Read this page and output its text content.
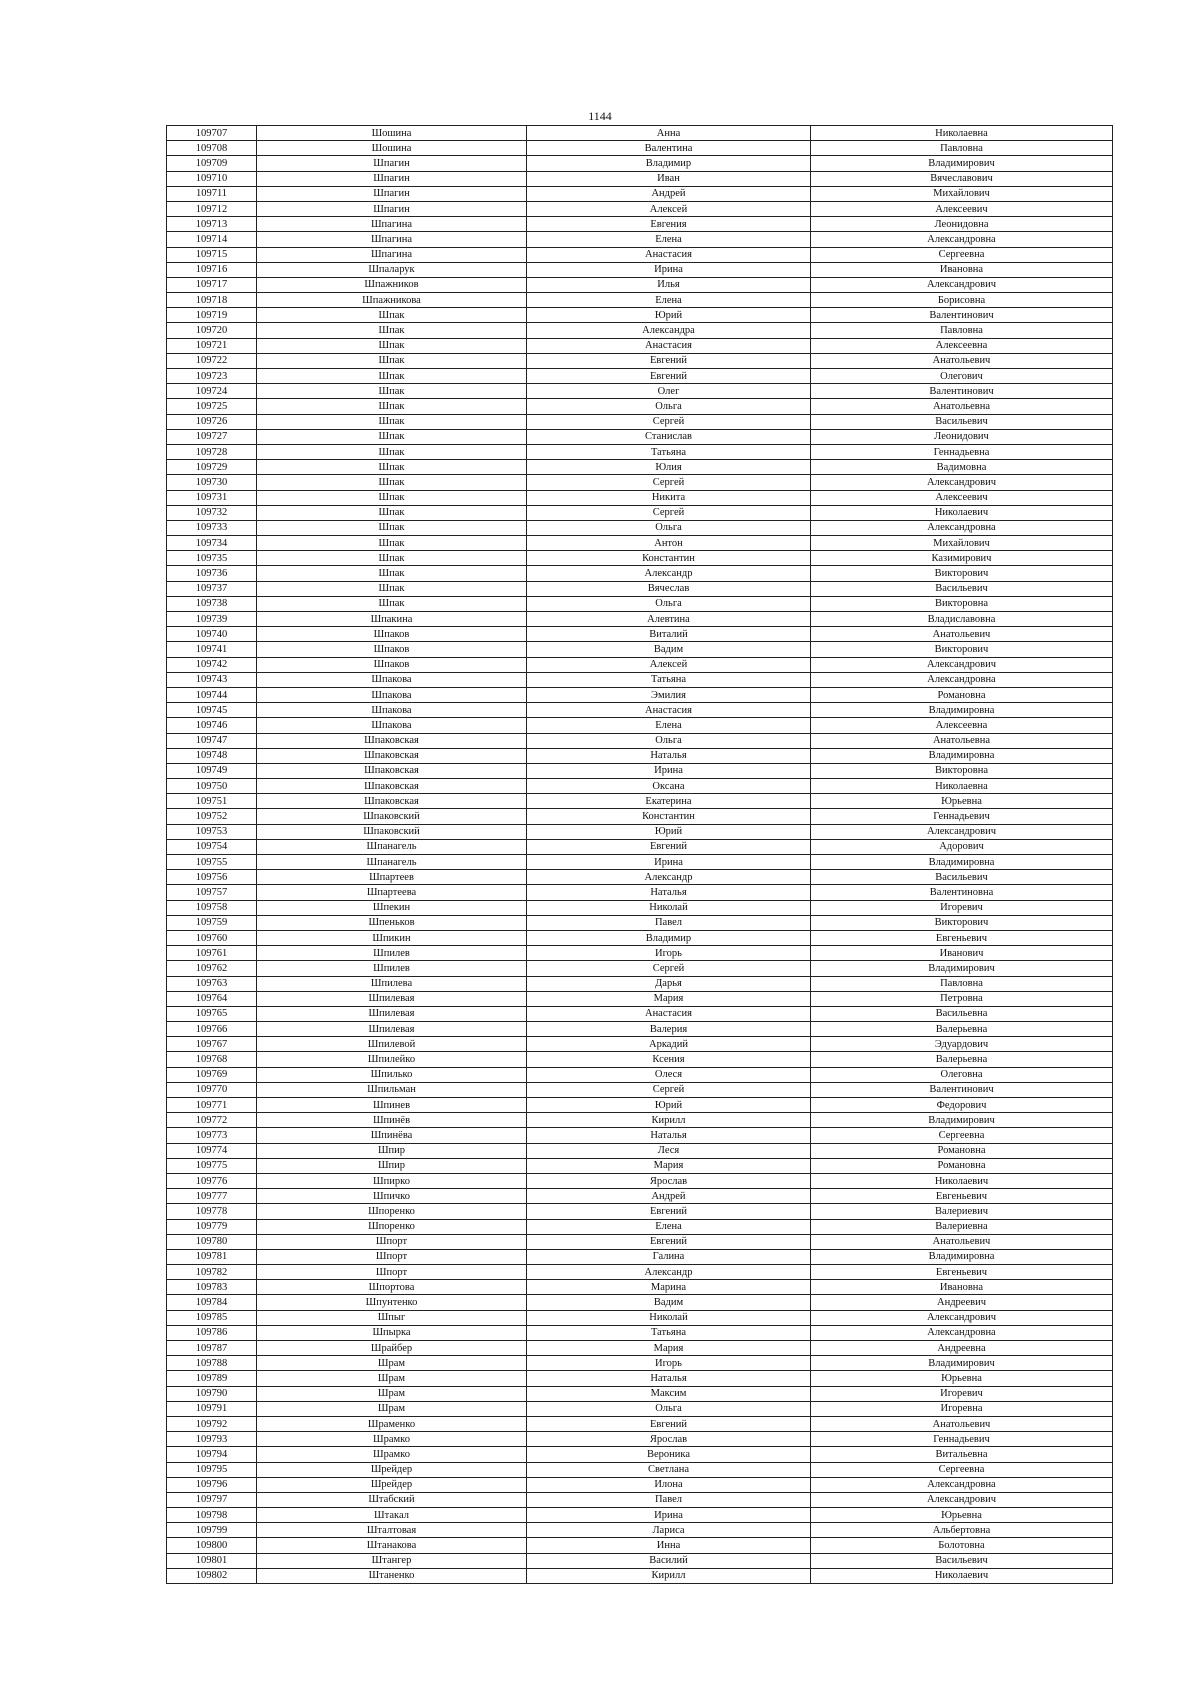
1144
109707	Шошина	Анна	Николаевна
109708	Шошина	Валентина	Павловна
109709	Шпагин	Владимир	Владимирович
109710	Шпагин	Иван	Вячеславович
109711	Шпагин	Андрей	Михайлович
109712	Шпагин	Алексей	Алексеевич
109713	Шпагина	Евгения	Леонидовна
109714	Шпагина	Елена	Александровна
109715	Шпагина	Анастасия	Сергеевна
109716	Шпаларук	Ирина	Ивановна
109717	Шпажников	Илья	Александрович
109718	Шпажникова	Елена	Борисовна
109719	Шпак	Юрий	Валентинович
109720	Шпак	Александра	Павловна
109721	Шпак	Анастасия	Алексеевна
109722	Шпак	Евгений	Анатольевич
109723	Шпак	Евгений	Олегович
109724	Шпак	Олег	Валентинович
109725	Шпак	Ольга	Анатольевна
109726	Шпак	Сергей	Васильевич
109727	Шпак	Станислав	Леонидович
109728	Шпак	Татьяна	Геннадьевна
109729	Шпак	Юлия	Вадимовна
109730	Шпак	Сергей	Александрович
109731	Шпак	Никита	Алексеевич
109732	Шпак	Сергей	Николаевич
109733	Шпак	Ольга	Александровна
109734	Шпак	Антон	Михайлович
109735	Шпак	Константин	Казимирович
109736	Шпак	Александр	Викторович
109737	Шпак	Вячеслав	Васильевич
109738	Шпак	Ольга	Викторовна
109739	Шпакина	Алевтина	Владиславовна
109740	Шпаков	Виталий	Анатольевич
109741	Шпаков	Вадим	Викторович
109742	Шпаков	Алексей	Александрович
109743	Шпакова	Татьяна	Александровна
109744	Шпакова	Эмилия	Романовна
109745	Шпакова	Анастасия	Владимировна
109746	Шпакова	Елена	Алексеевна
109747	Шпаковская	Ольга	Анатольевна
109748	Шпаковская	Наталья	Владимировна
109749	Шпаковская	Ирина	Викторовна
109750	Шпаковская	Оксана	Николаевна
109751	Шпаковская	Екатерина	Юрьевна
109752	Шпаковский	Константин	Геннадьевич
109753	Шпаковский	Юрий	Александрович
109754	Шпанагель	Евгений	Адорович
109755	Шпанагель	Ирина	Владимировна
109756	Шпартеев	Александр	Васильевич
109757	Шпартеева	Наталья	Валентиновна
109758	Шпекин	Николай	Игоревич
109759	Шпеньков	Павел	Викторович
109760	Шпикин	Владимир	Евгеньевич
109761	Шпилев	Игорь	Иванович
109762	Шпилев	Сергей	Владимирович
109763	Шпилева	Дарья	Павловна
109764	Шпилевая	Мария	Петровна
109765	Шпилевая	Анастасия	Васильевна
109766	Шпилевая	Валерия	Валерьевна
109767	Шпилевой	Аркадий	Эдуардович
109768	Шпилейко	Ксения	Валерьевна
109769	Шпилько	Олеся	Олеговна
109770	Шпильман	Сергей	Валентинович
109771	Шпинев	Юрий	Федорович
109772	Шпинёв	Кирилл	Владимирович
109773	Шпинёва	Наталья	Сергеевна
109774	Шпир	Леся	Романовна
109775	Шпир	Мария	Романовна
109776	Шпирко	Ярослав	Николаевич
109777	Шпичко	Андрей	Евгеньевич
109778	Шпоренко	Евгений	Валериевич
109779	Шпоренко	Елена	Валериевна
109780	Шпорт	Евгений	Анатольевич
109781	Шпорт	Галина	Владимировна
109782	Шпорт	Александр	Евгеньевич
109783	Шпортова	Марина	Ивановна
109784	Шпунтенко	Вадим	Андреевич
109785	Шпыг	Николай	Александрович
109786	Шпырка	Татьяна	Александровна
109787	Шрайбер	Мария	Андреевна
109788	Шрам	Игорь	Владимирович
109789	Шрам	Наталья	Юрьевна
109790	Шрам	Максим	Игоревич
109791	Шрам	Ольга	Игоревна
109792	Шраменко	Евгений	Анатольевич
109793	Шрамко	Ярослав	Геннадьевич
109794	Шрамко	Вероника	Витальевна
109795	Шрейдер	Светлана	Сергеевна
109796	Шрейдер	Илона	Александровна
109797	Штабский	Павел	Александрович
109798	Штакал	Ирина	Юрьевна
109799	Шталтовая	Лариса	Альбертовна
109800	Штанакова	Инна	Болотовна
109801	Штангер	Василий	Васильевич
109802	Штаненко	Кирилл	Николаевич
